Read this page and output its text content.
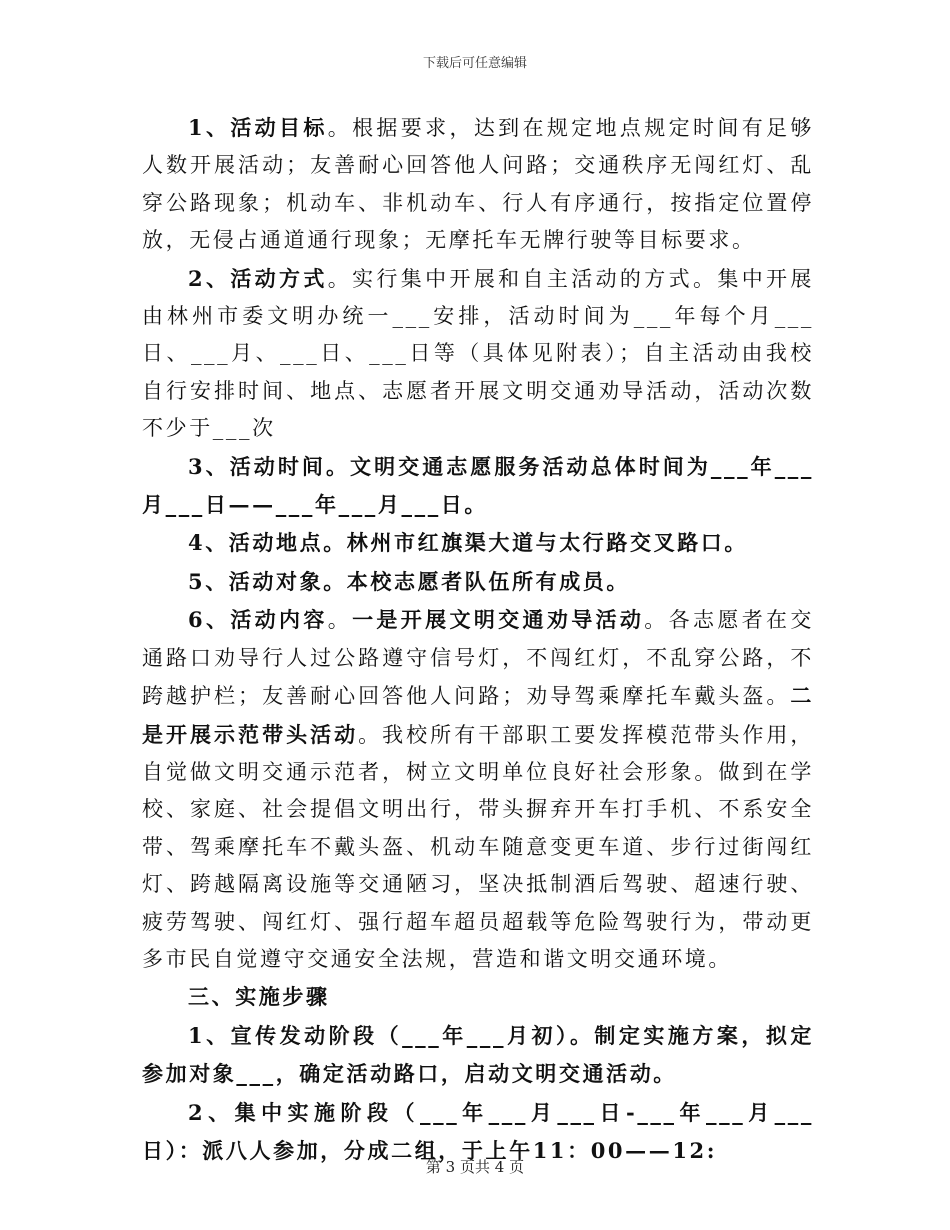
下载后可任意编辑

1、活动目标。根据要求，达到在规定地点规定时间有足够人数开展活动；友善耐心回答他人问路；交通秩序无闯红灯、乱穿公路现象；机动车、非机动车、行人有序通行，按指定位置停放，无侵占通道通行现象；无摩托车无牌行驶等目标要求。

2、活动方式。实行集中开展和自主活动的方式。集中开展由林州市委文明办统一___安排，活动时间为___年每个月___日、___月、___日、___日等（具体见附表）；自主活动由我校自行安排时间、地点、志愿者开展文明交通劝导活动，活动次数不少于___次

3、活动时间。文明交通志愿服务活动总体时间为___年___月___日——___年___月___日。

4、活动地点。林州市红旗渠大道与太行路交叉路口。

5、活动对象。本校志愿者队伍所有成员。

6、活动内容。一是开展文明交通劝导活动。各志愿者在交通路口劝导行人过公路遵守信号灯，不闯红灯，不乱穿公路，不跨越护栏；友善耐心回答他人问路；劝导驾乘摩托车戴头盔。二是开展示范带头活动。我校所有干部职工要发挥模范带头作用，自觉做文明交通示范者，树立文明单位良好社会形象。做到在学校、家庭、社会提倡文明出行，带头摒弃开车打手机、不系安全带、驾乘摩托车不戴头盔、机动车随意变更车道、步行过街闯红灯、跨越隔离设施等交通陋习，坚决抵制酒后驾驶、超速行驶、疲劳驾驶、闯红灯、强行超车超员超载等危险驾驶行为，带动更多市民自觉遵守交通安全法规，营造和谐文明交通环境。

三、实施步骤

1、宣传发动阶段（___年___月初）。制定实施方案，拟定参加对象___，确定活动路口，启动文明交通活动。

2、集中实施阶段（___年___月___日-___年___月___日）：派八人参加，分成二组，于上午11：00——12:

第 3 页共 4 页
